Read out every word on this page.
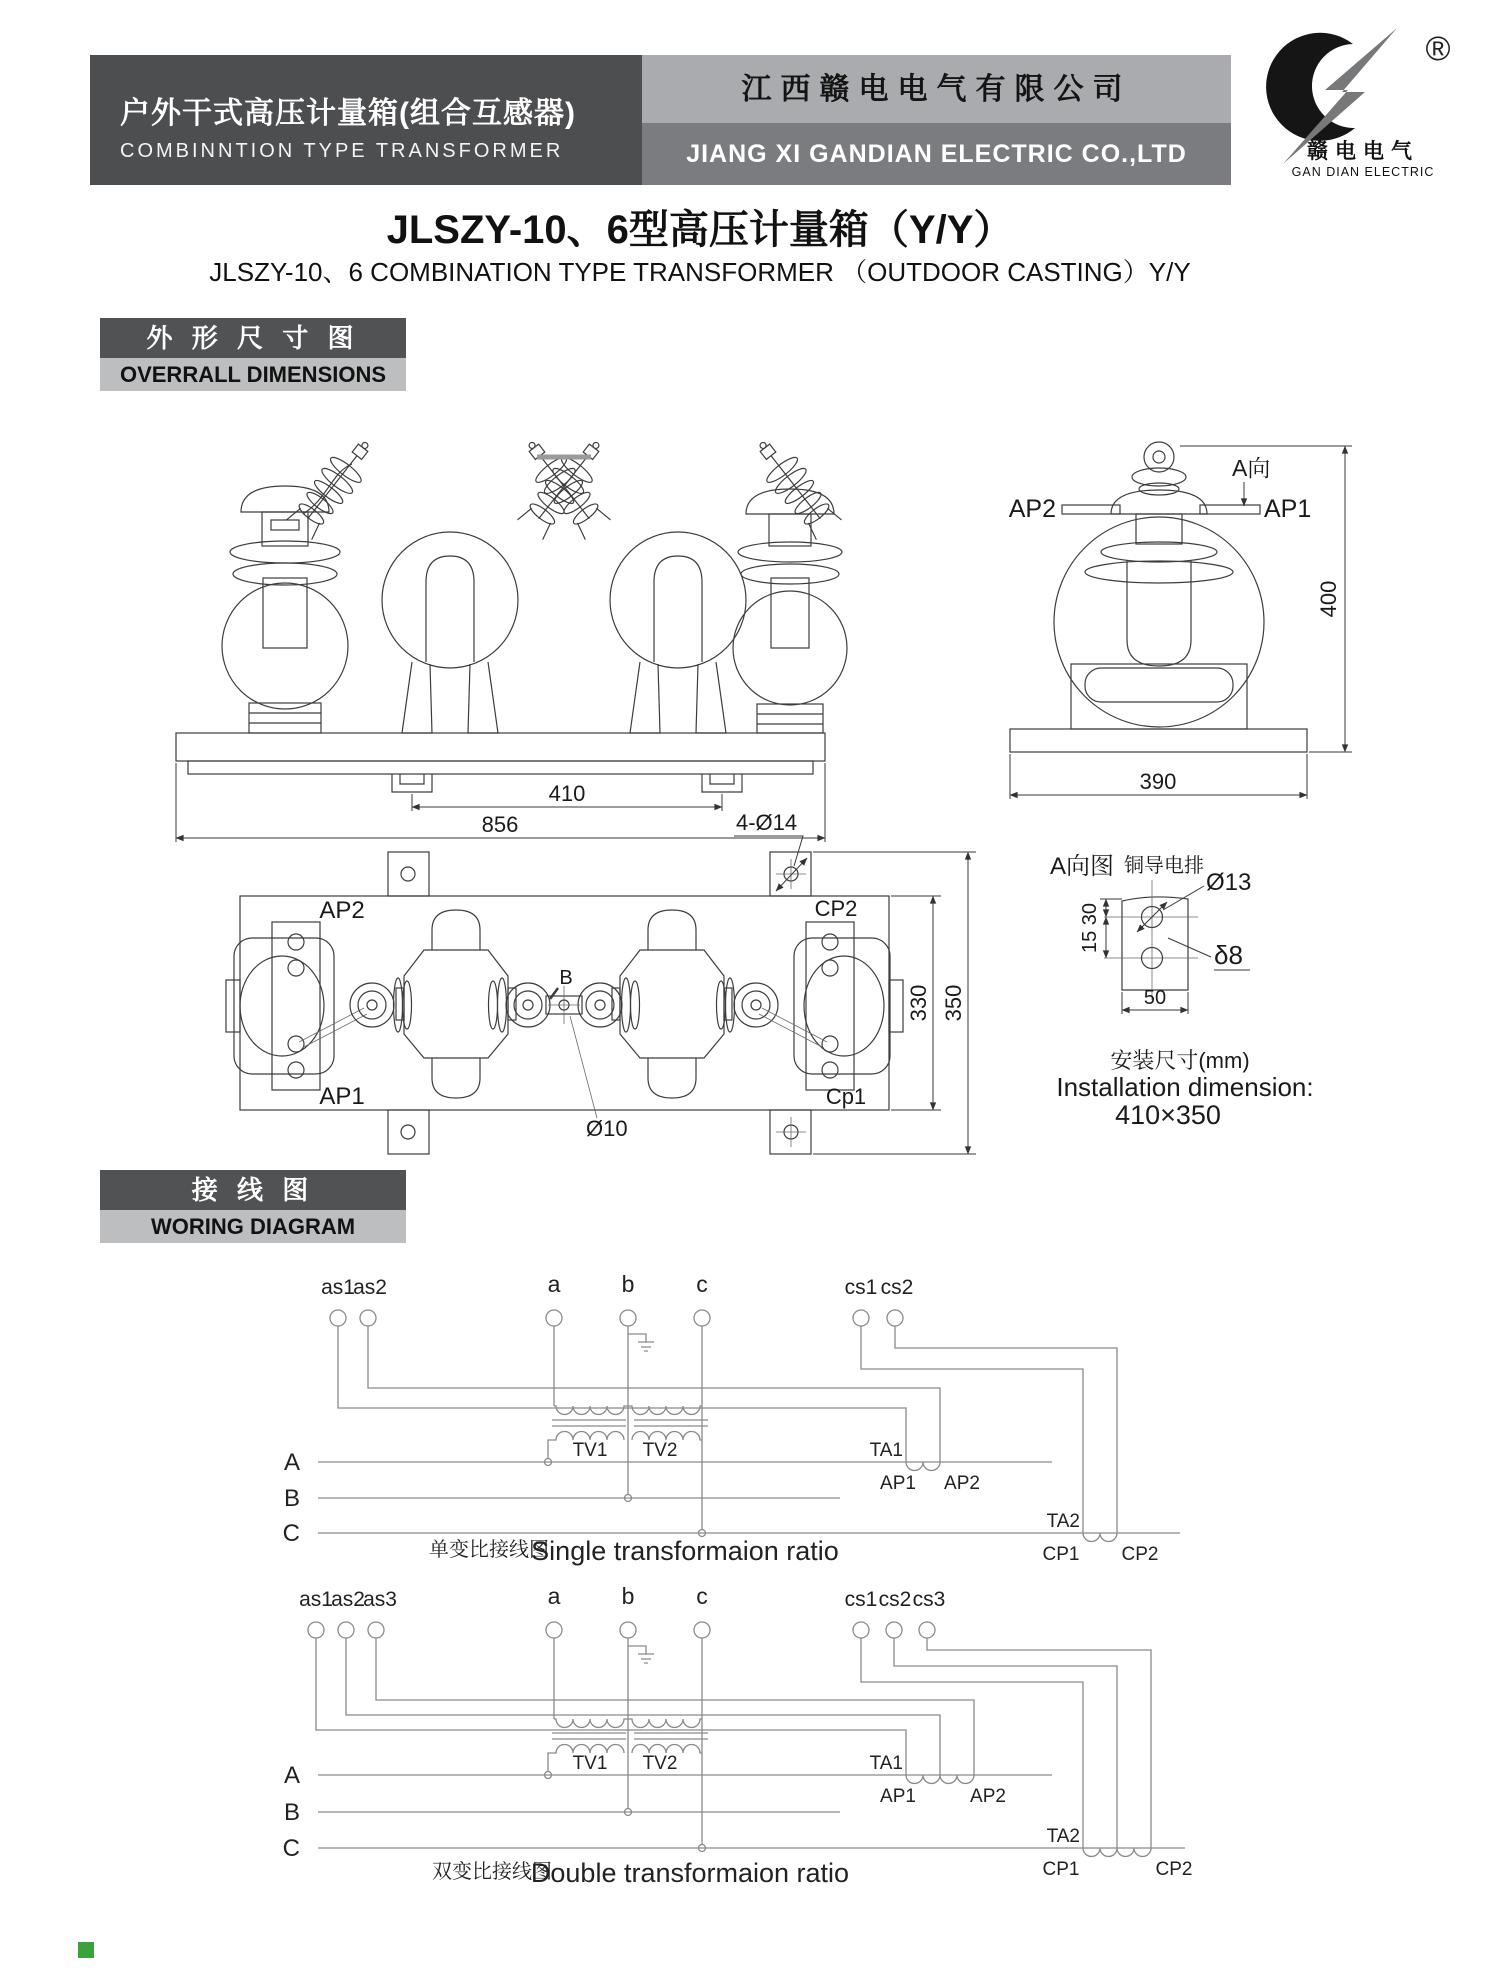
户外干式高压计量箱(组合互感器)
COMBINNTION TYPE TRANSFORMER
江西赣电电气有限公司
JIANG XI GANDIAN ELECTRIC CO.,LTD
®
赣电电气
GAN DIAN ELECTRIC
JLSZY-10、6型高压计量箱（Y/Y）
JLSZY-10、6 COMBINATION TYPE TRANSFORMER （OUTDOOR CASTING）Y/Y
外 形 尺 寸 图
OVERRALL DIMENSIONS
410
856
AP2	AP1
A向
400
390
AP2
AP1
CP2
Cp1
B
Ø10
4-Ø14
330 350
A向图 铜导电排
Ø13
δ8
15 30
50
安装尺寸(mm)
Installation dimension:
410×350
接 线 图
WORING DIAGRAM
as1
as2	a	b	c	cs1 cs2
A
B
C
TV1 TV2	TA1
AP1 AP2
TA2
CP1 CP2
单变比接线图
Single transformaion ratio
as1
as2
as3	a	b	c	cs1 cs2 cs3
A
B
C
TV1 TV2	TA1
AP1	AP2
TA2
CP1	CP2
双变比接线图
Double transformaion ratio
